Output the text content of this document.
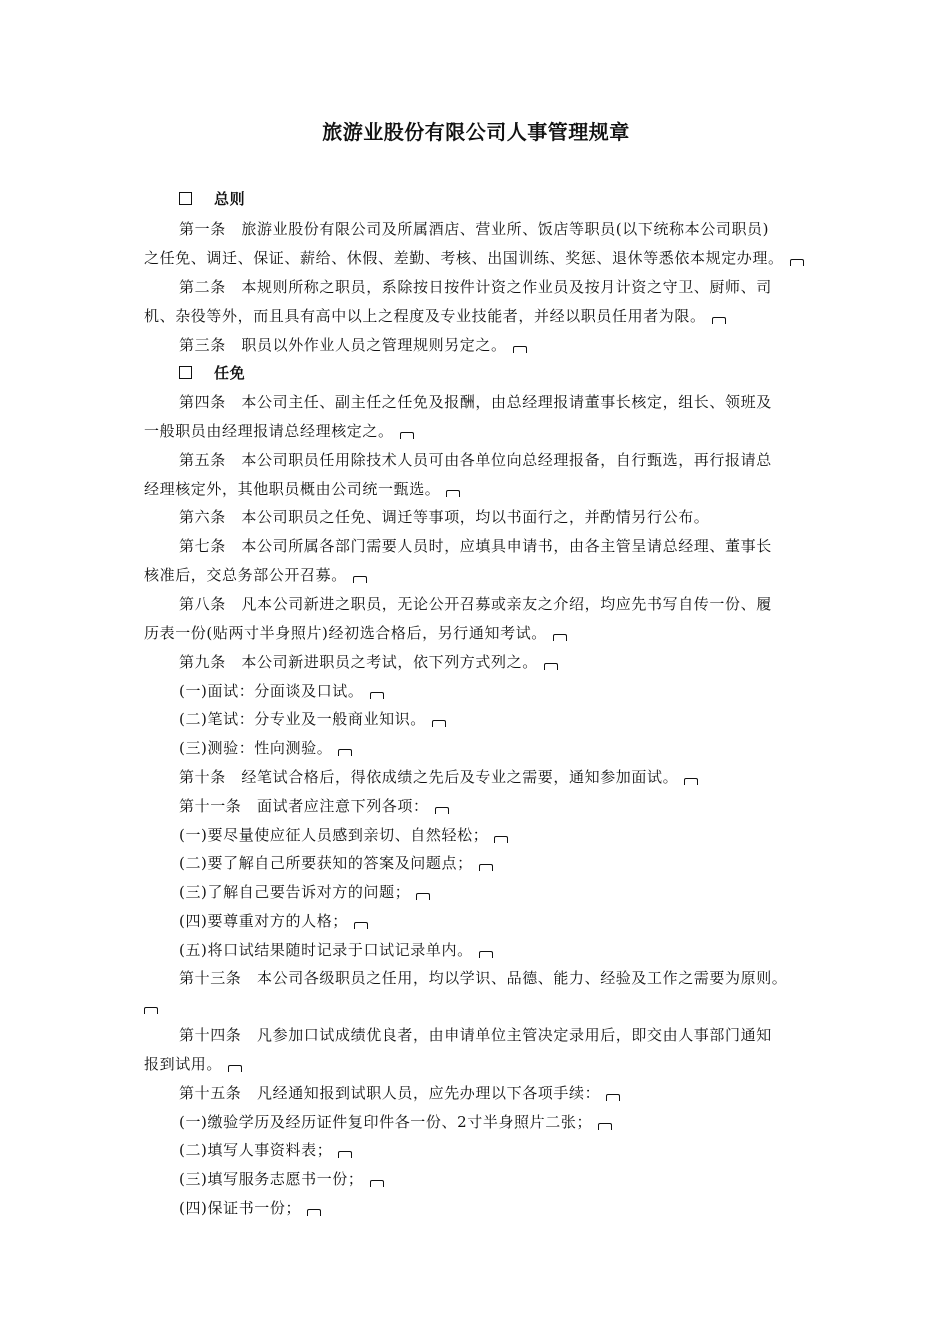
旅游业股份有限公司人事管理规章
总则
第一条　旅游业股份有限公司及所属酒店、营业所、饭店等职员(以下统称本公司职员)
之任免、调迁、保证、薪给、休假、差勤、考核、出国训练、奖惩、退休等悉依本规定办理。
第二条　本规则所称之职员，系除按日按件计资之作业员及按月计资之守卫、厨师、司
机、杂役等外，而且具有高中以上之程度及专业技能者，并经以职员任用者为限。
第三条　职员以外作业人员之管理规则另定之。
任免
第四条　本公司主任、副主任之任免及报酬，由总经理报请董事长核定，组长、领班及
一般职员由经理报请总经理核定之。
第五条　本公司职员任用除技术人员可由各单位向总经理报备，自行甄选，再行报请总
经理核定外，其他职员概由公司统一甄选。
第六条　本公司职员之任免、调迁等事项，均以书面行之，并酌情另行公布。
第七条　本公司所属各部门需要人员时，应填具申请书，由各主管呈请总经理、董事长
核准后，交总务部公开召募。
第八条　凡本公司新进之职员，无论公开召募或亲友之介绍，均应先书写自传一份、履
历表一份(贴两寸半身照片)经初选合格后，另行通知考试。
第九条　本公司新进职员之考试，依下列方式列之。
(一)面试：分面谈及口试。
(二)笔试：分专业及一般商业知识。
(三)测验：性向测验。
第十条　经笔试合格后，得依成绩之先后及专业之需要，通知参加面试。
第十一条　面试者应注意下列各项：
(一)要尽量使应征人员感到亲切、自然轻松；
(二)要了解自己所要获知的答案及问题点；
(三)了解自己要告诉对方的问题；
(四)要尊重对方的人格；
(五)将口试结果随时记录于口试记录单内。
第十三条　本公司各级职员之任用，均以学识、品德、能力、经验及工作之需要为原则。
第十四条　凡参加口试成绩优良者，由申请单位主管决定录用后，即交由人事部门通知
报到试用。
第十五条　凡经通知报到试职人员，应先办理以下各项手续：
(一)缴验学历及经历证件复印件各一份、2寸半身照片二张；
(二)填写人事资料表；
(三)填写服务志愿书一份；
(四)保证书一份；
